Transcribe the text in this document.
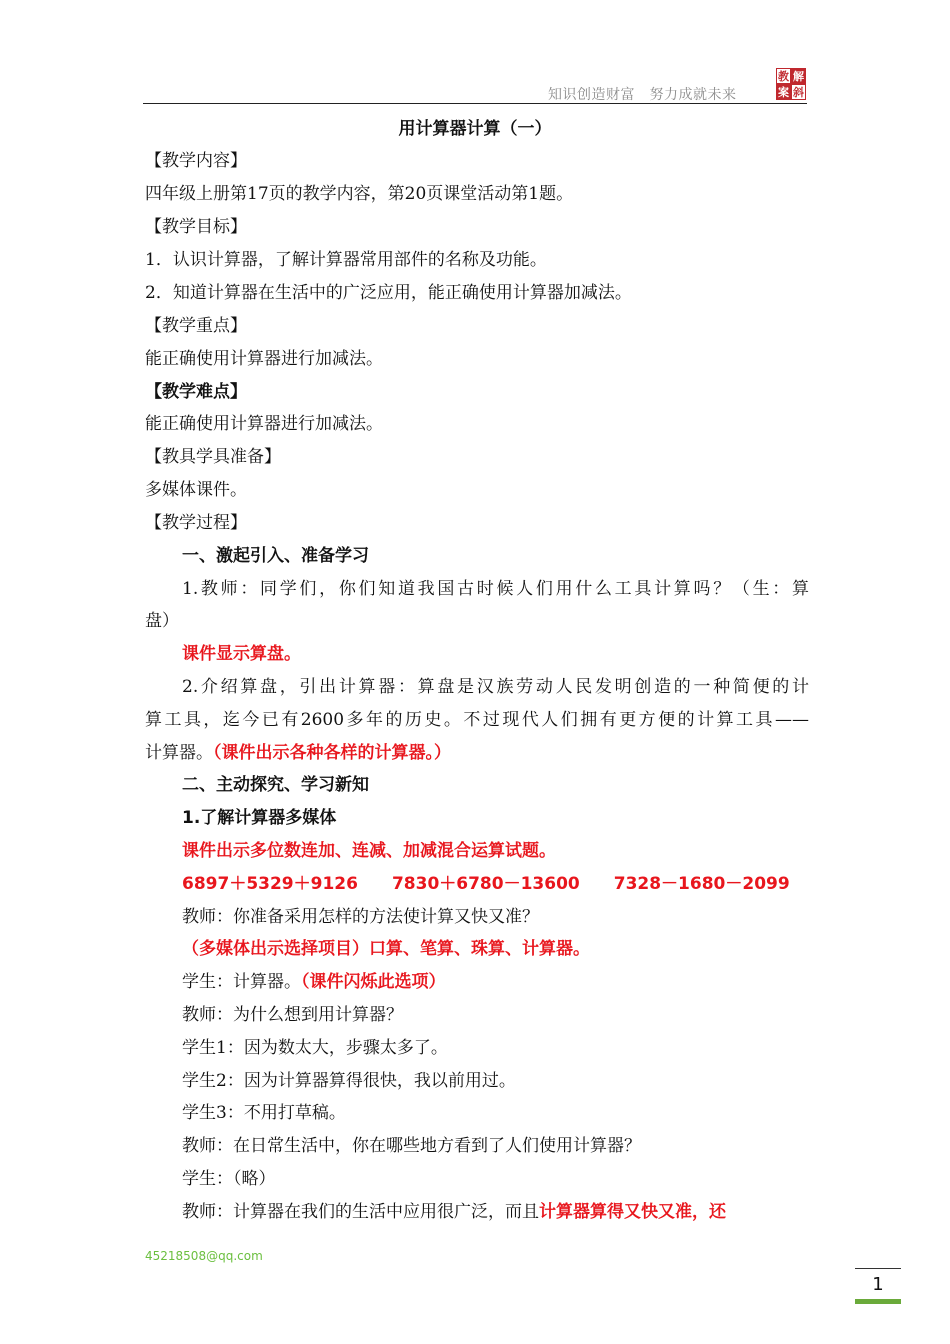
教 解
案 斜
知识创造财富　努力成就未来
用计算器计算（一）
【教学内容】
四年级上册第17页的教学内容，第20页课堂活动第1题。
【教学目标】
1．认识计算器，了解计算器常用部件的名称及功能。
2．知道计算器在生活中的广泛应用，能正确使用计算器加减法。
【教学重点】
能正确使用计算器进行加减法。
【教学难点】
能正确使用计算器进行加减法。
【教具学具准备】
多媒体课件。
【教学过程】
一、激起引入、准备学习
1.教师：同学们，你们知道我国古时候人们用什么工具计算吗？（生：算
盘）
课件显示算盘。
2.介绍算盘，引出计算器：算盘是汉族劳动人民发明创造的一种简便的计
算工具，迄今已有2600多年的历史。不过现代人们拥有更方便的计算工具——
计算器。（课件出示各种各样的计算器。）
二、主动探究、学习新知
1.了解计算器多媒体
课件出示多位数连加、连减、加减混合运算试题。
6897＋5329＋9126 7830＋6780－13600 7328－1680－2099
教师：你准备采用怎样的方法使计算又快又准？
（多媒体出示选择项目）口算、笔算、珠算、计算器。
学生：计算器。（课件闪烁此选项）
教师：为什么想到用计算器？
学生1：因为数太大，步骤太多了。
学生2：因为计算器算得很快，我以前用过。
学生3：不用打草稿。
教师：在日常生活中，你在哪些地方看到了人们使用计算器？
学生：（略）
教师：计算器在我们的生活中应用很广泛，而且计算器算得又快又准，还
45218508@qq.com
1
